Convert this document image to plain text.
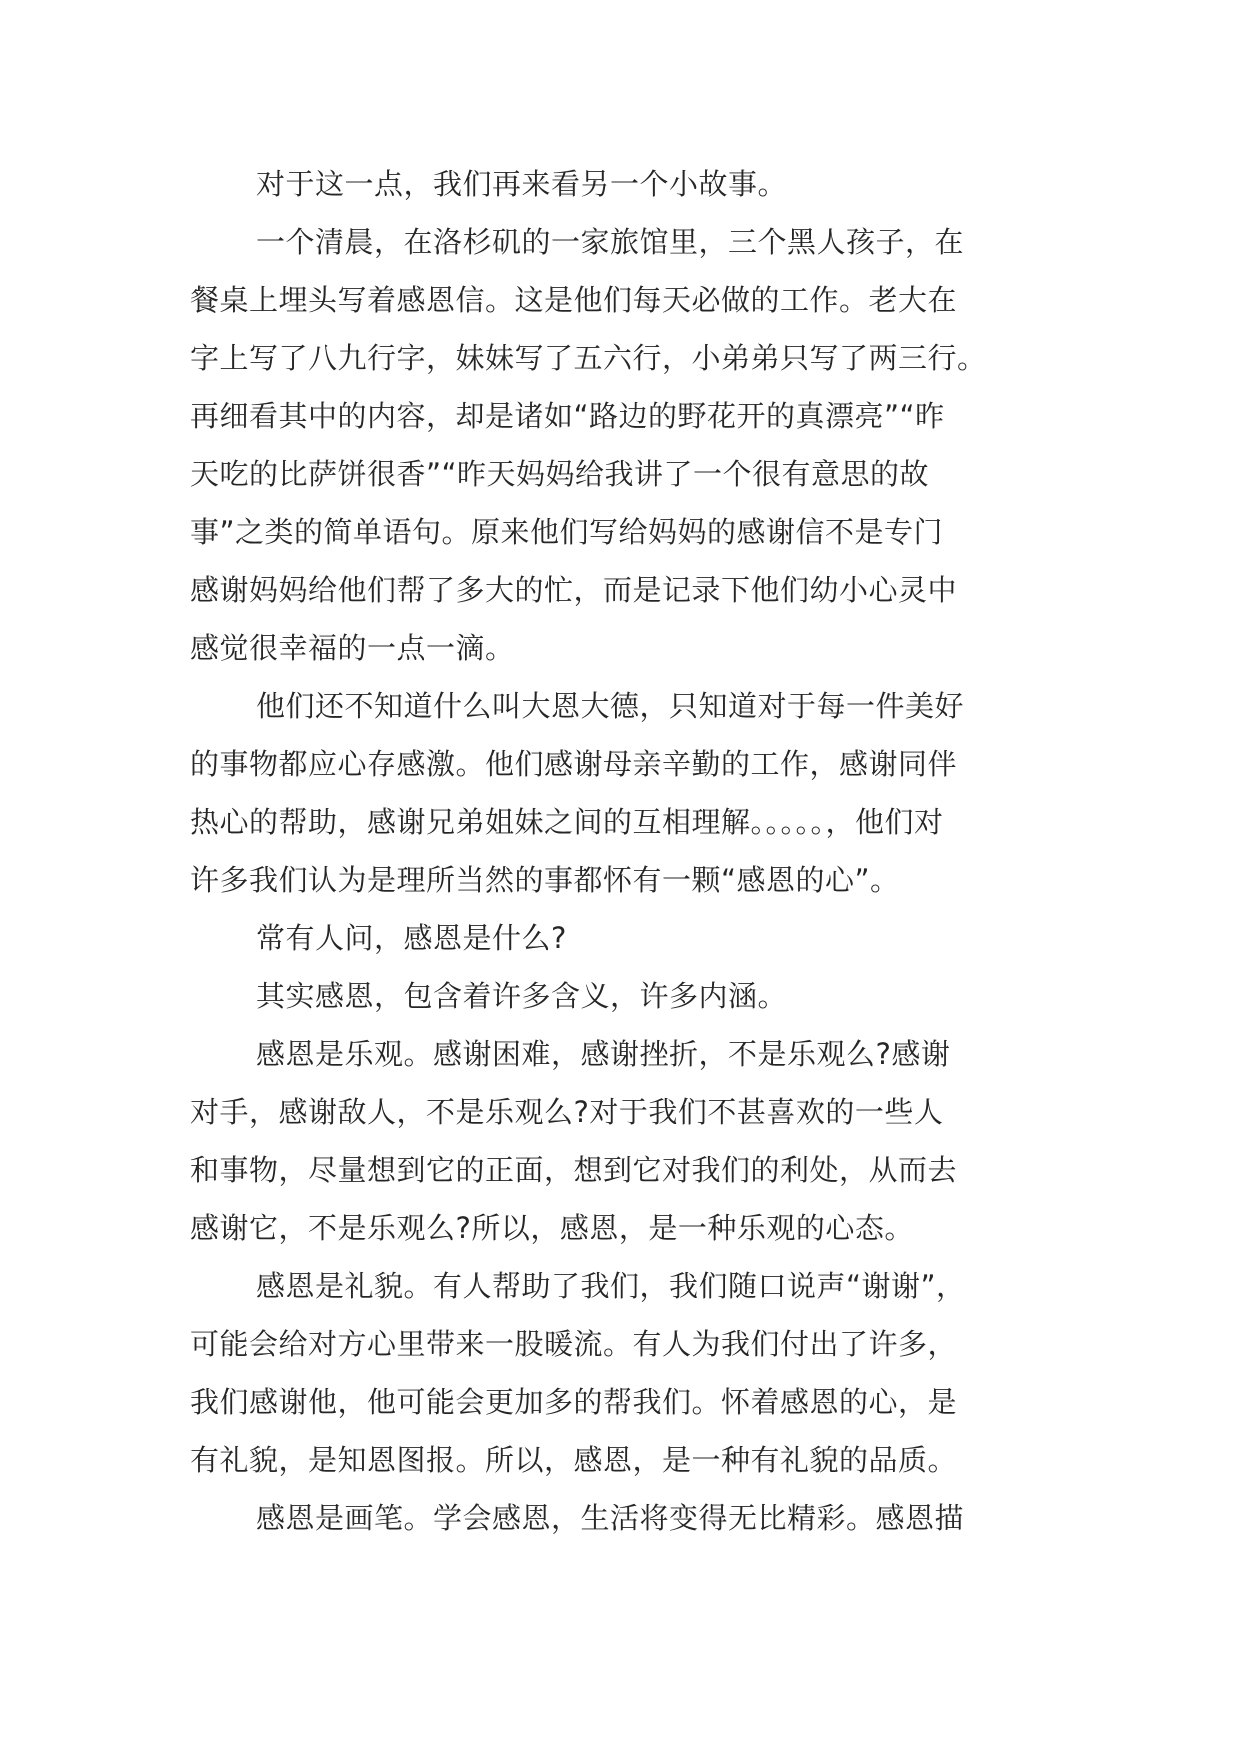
对于这一点，我们再来看另一个小故事。
一个清晨，在洛杉矶的一家旅馆里，三个黑人孩子，在
餐桌上埋头写着感恩信。这是他们每天必做的工作。老大在
字上写了八九行字，妹妹写了五六行，小弟弟只写了两三行。
再细看其中的内容，却是诸如“路边的野花开的真漂亮”“昨
天吃的比萨饼很香”“昨天妈妈给我讲了一个很有意思的故
事”之类的简单语句。原来他们写给妈妈的感谢信不是专门
感谢妈妈给他们帮了多大的忙，而是记录下他们幼小心灵中
感觉很幸福的一点一滴。
他们还不知道什么叫大恩大德，只知道对于每一件美好
的事物都应心存感激。他们感谢母亲辛勤的工作，感谢同伴
热心的帮助，感谢兄弟姐妹之间的互相理解。。。。。，他们对
许多我们认为是理所当然的事都怀有一颗“感恩的心”。
常有人问，感恩是什么?
其实感恩，包含着许多含义，许多内涵。
感恩是乐观。感谢困难，感谢挫折，不是乐观么?感谢
对手，感谢敌人，不是乐观么?对于我们不甚喜欢的一些人
和事物，尽量想到它的正面，想到它对我们的利处，从而去
感谢它，不是乐观么?所以，感恩，是一种乐观的心态。
感恩是礼貌。有人帮助了我们，我们随口说声“谢谢”，
可能会给对方心里带来一股暖流。有人为我们付出了许多，
我们感谢他，他可能会更加多的帮我们。怀着感恩的心，是
有礼貌，是知恩图报。所以，感恩，是一种有礼貌的品质。
感恩是画笔。学会感恩，生活将变得无比精彩。感恩描
